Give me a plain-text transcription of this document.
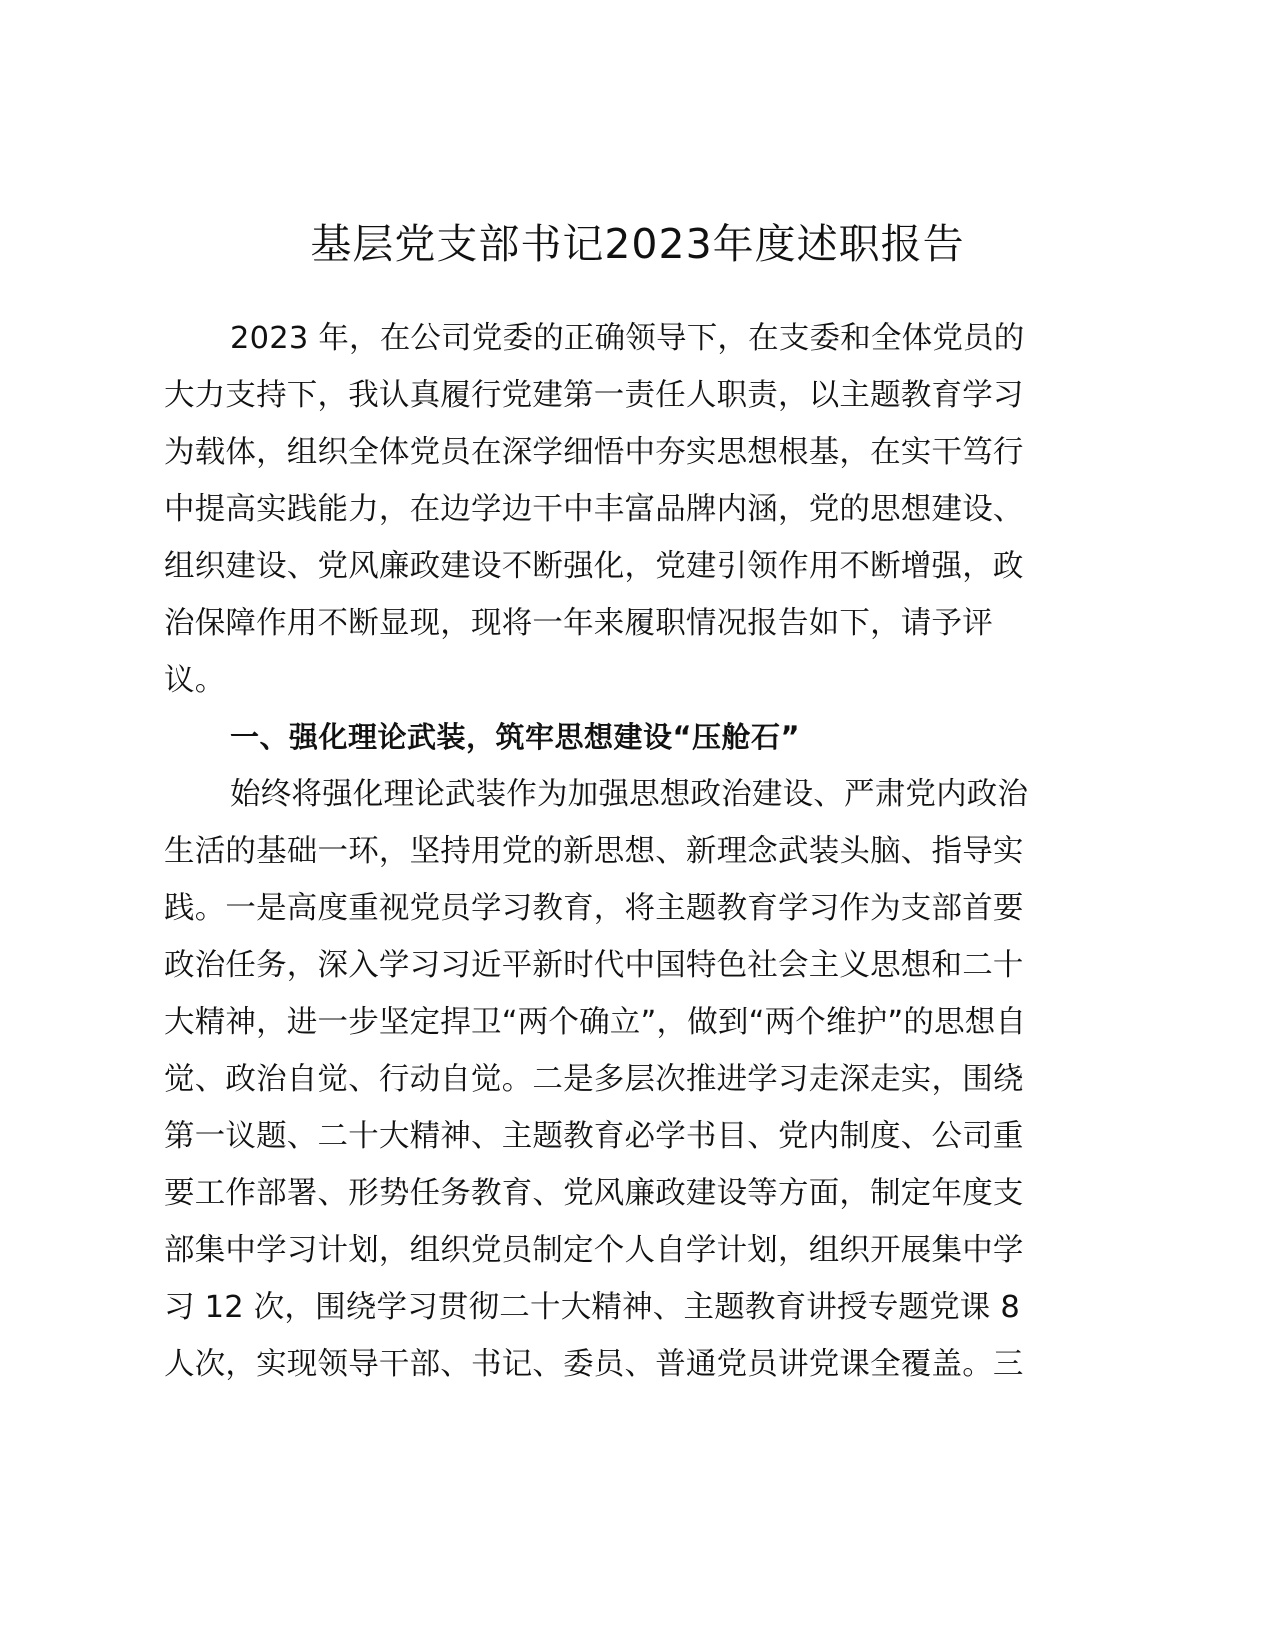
基层党支部书记2023年度述职报告
2023 年，在公司党委的正确领导下，在支委和全体党员的
大力支持下，我认真履行党建第一责任人职责，以主题教育学习
为载体，组织全体党员在深学细悟中夯实思想根基，在实干笃行
中提高实践能力，在边学边干中丰富品牌内涵，党的思想建设、
组织建设、党风廉政建设不断强化，党建引领作用不断增强，政
治保障作用不断显现，现将一年来履职情况报告如下，请予评
议。
一、强化理论武装，筑牢思想建设“压舱石”
始终将强化理论武装作为加强思想政治建设、严肃党内政治
生活的基础一环，坚持用党的新思想、新理念武装头脑、指导实
践。一是高度重视党员学习教育，将主题教育学习作为支部首要
政治任务，深入学习习近平新时代中国特色社会主义思想和二十
大精神，进一步坚定捍卫“两个确立”，做到“两个维护”的思想自
觉、政治自觉、行动自觉。二是多层次推进学习走深走实，围绕
第一议题、二十大精神、主题教育必学书目、党内制度、公司重
要工作部署、形势任务教育、党风廉政建设等方面，制定年度支
部集中学习计划，组织党员制定个人自学计划，组织开展集中学
习 12 次，围绕学习贯彻二十大精神、主题教育讲授专题党课 8
人次，实现领导干部、书记、委员、普通党员讲党课全覆盖。三
